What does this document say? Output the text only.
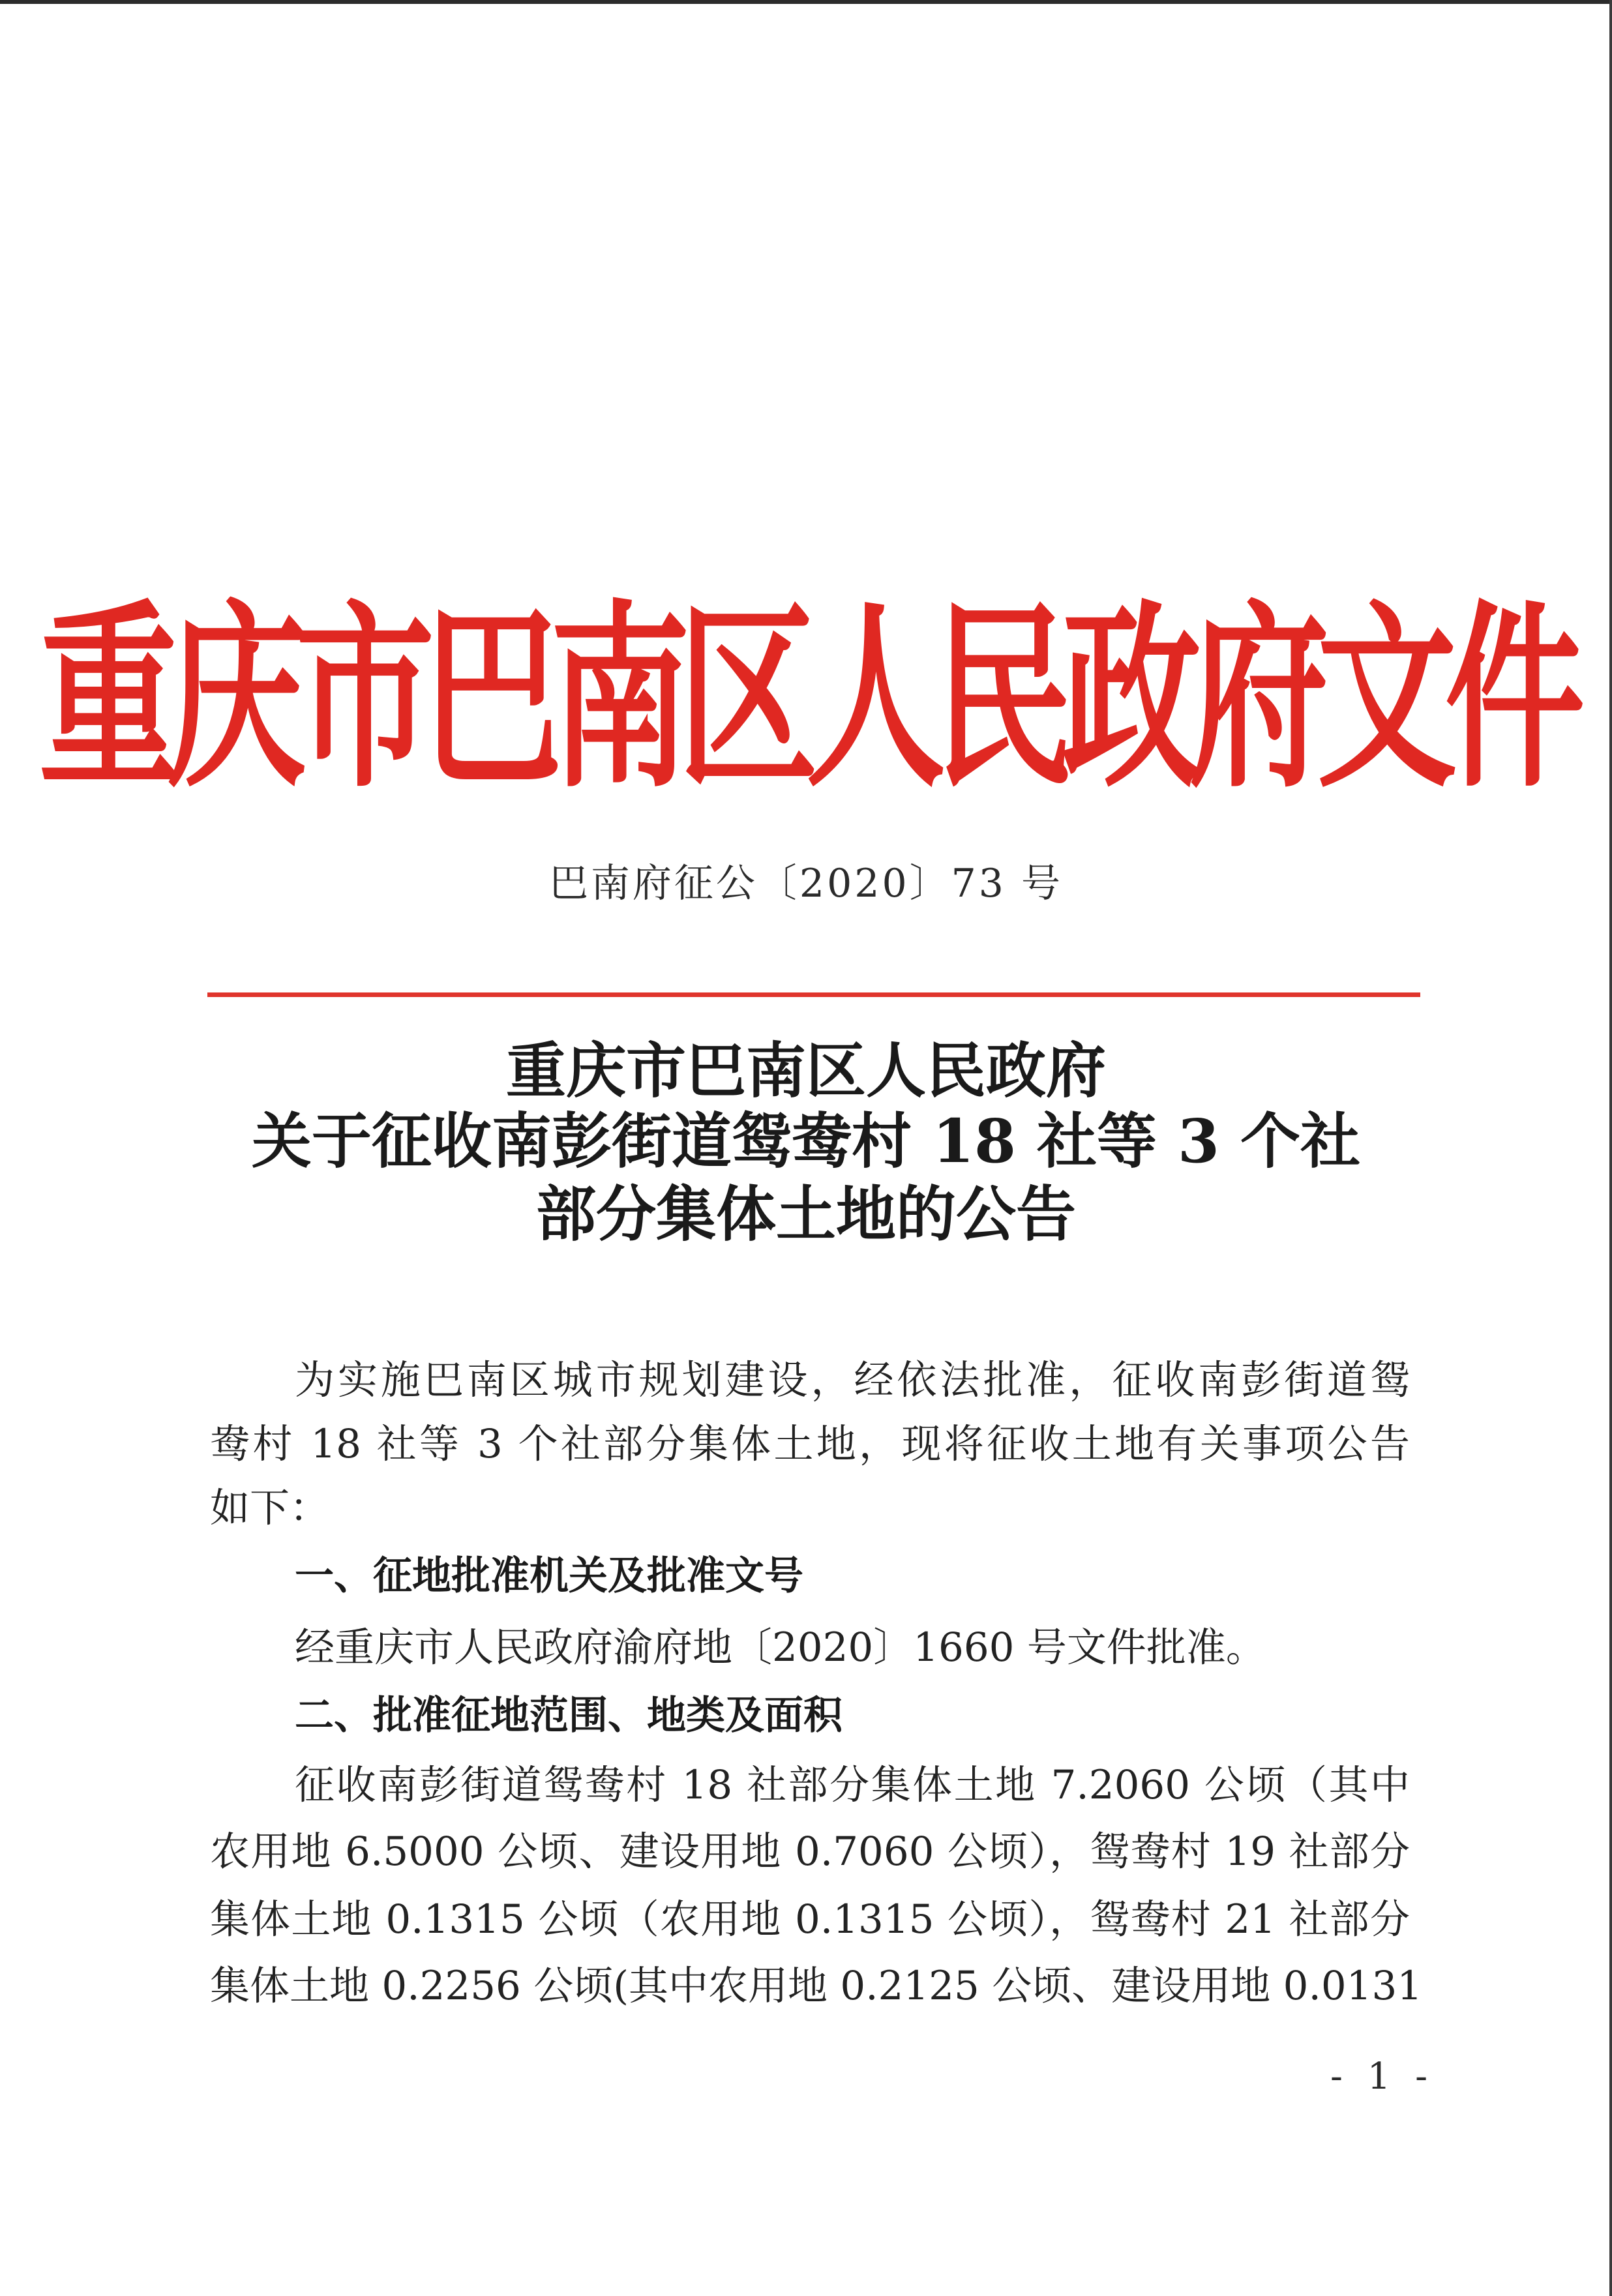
重庆市巴南区人民政府文件
巴南府征公〔2020〕73 号
重庆市巴南区人民政府
关于征收南彭街道鸳鸯村 18 社等 3 个社
部分集体土地的公告
为实施巴南区城市规划建设，经依法批准，征收南彭街道鸳
鸯村 18 社等 3 个社部分集体土地，现将征收土地有关事项公告
如下：
一、征地批准机关及批准文号
经重庆市人民政府渝府地〔2020〕1660 号文件批准。
二、批准征地范围、地类及面积
征收南彭街道鸳鸯村 18 社部分集体土地 7.2060 公顷（其中
农用地 6.5000 公顷、建设用地 0.7060 公顷），鸳鸯村 19 社部分
集体土地 0.1315 公顷（农用地 0.1315 公顷），鸳鸯村 21 社部分
集体土地 0.2256 公顷(其中农用地 0.2125 公顷、建设用地 0.0131
- 1 -
